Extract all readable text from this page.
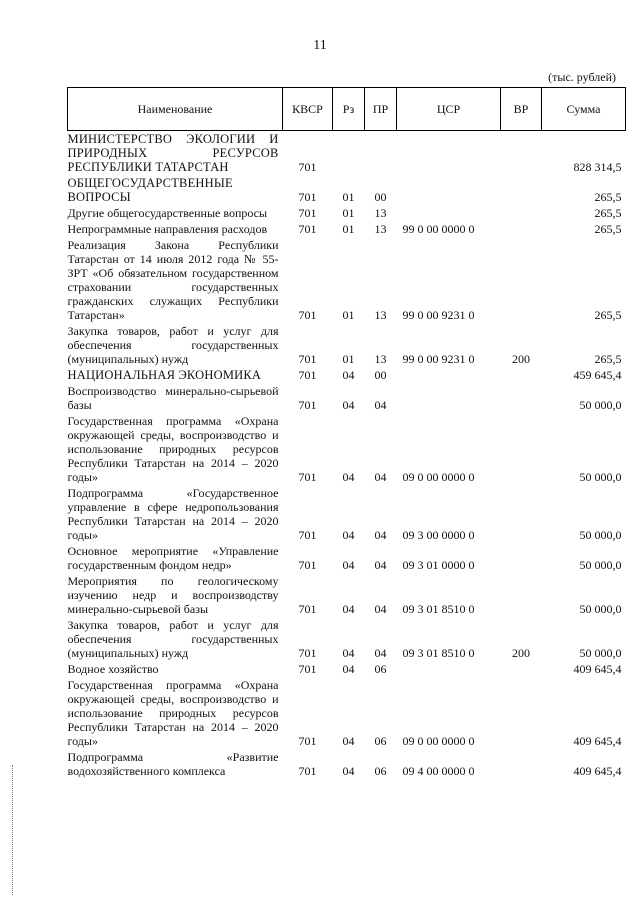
11
(тыс. рублей)
Наименование	КВСР	Рз	ПР	ЦСР	ВР	Сумма
МИНИСТЕРСТВО ЭКОЛОГИИ И ПРИРОДНЫХ РЕСУРСОВ РЕСПУБЛИКИ ТАТАРСТАН	701					828 314,5
ОБЩЕГОСУДАРСТВЕННЫЕ ВОПРОСЫ	701	01	00			265,5
Другие общегосударственные вопросы	701	01	13			265,5
Непрограммные направления расходов	701	01	13	99 0 00 0000 0		265,5
Реализация Закона Республики Татарстан от 14 июля 2012 года № 55-ЗРТ «Об обязательном государственном страховании государственных гражданских служащих Республики Татарстан»	701	01	13	99 0 00 9231 0		265,5
Закупка товаров, работ и услуг для обеспечения государственных (муниципальных) нужд	701	01	13	99 0 00 9231 0	200	265,5
НАЦИОНАЛЬНАЯ ЭКОНОМИКА	701	04	00			459 645,4
Воспроизводство минерально-сырьевой базы	701	04	04			50 000,0
Государственная программа «Охрана окружающей среды, воспроизводство и использование природных ресурсов Республики Татарстан на 2014 – 2020 годы»	701	04	04	09 0 00 0000 0		50 000,0
Подпрограмма «Государственное управление в сфере недропользования Республики Татарстан на 2014 – 2020 годы»	701	04	04	09 3 00 0000 0		50 000,0
Основное мероприятие «Управление государственным фондом недр»	701	04	04	09 3 01 0000 0		50 000,0
Мероприятия по геологическому изучению недр и воспроизводству минерально-сырьевой базы	701	04	04	09 3 01 8510 0		50 000,0
Закупка товаров, работ и услуг для обеспечения государственных (муниципальных) нужд	701	04	04	09 3 01 8510 0	200	50 000,0
Водное хозяйство	701	04	06			409 645,4
Государственная программа «Охрана окружающей среды, воспроизводство и использование природных ресурсов Республики Татарстан на 2014 – 2020 годы»	701	04	06	09 0 00 0000 0		409 645,4
Подпрограмма «Развитие водохозяйственного комплекса	701	04	06	09 4 00 0000 0		409 645,4
